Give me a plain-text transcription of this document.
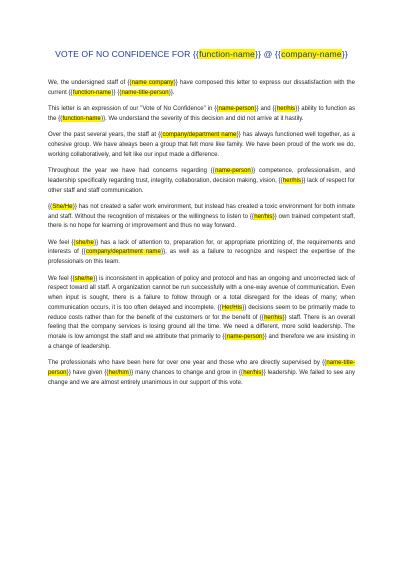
VOTE OF NO CONFIDENCE FOR {{function-name}} @ {{company-name}}

We, the undersigned staff of {{name company}} have composed this letter to express our dissatisfaction with the current {{function-name}} {{name-title-person}}.

This letter is an expression of our "Vote of No Confidence" in {{name-person}} and {{her/his}} ability to function as the {{function-name}}. We understand the severity of this decision and did not arrive at it hastily.

Over the past several years, the staff at {{company/department name}} has always functioned well together, as a cohesive group. We have always been a group that felt more like family. We have been proud of the work we do, working collaboratively, and felt like our input made a difference.

Throughout the year we have had concerns regarding {{name-person}} competence, professionalism, and leadership specifically regarding trust, integrity, collaboration, decision making, vision, {{her/his}} lack of respect for other staff and staff communication.

{{She/He}} has not created a safer work environment, but instead has created a toxic environment for both inmate and staff. Without the recognition of mistakes or the willingness to listen to {{her/his}} own trained competent staff, there is no hope for learning or improvement and thus no way forward.

We feel {{she/he}} has a lack of attention to, preparation for, or appropriate prioritizing of, the requirements and interests of {{company/department name}}, as well as a failure to recognize and respect the expertise of the professionals on this team.

We feel {{she/he}} is inconsistent in application of policy and protocol and has an ongoing and uncorrected lack of respect toward all staff. A organization cannot be run successfully with a one-way avenue of communication. Even when input is sought, there is a failure to follow through or a total disregard for the ideas of many; when communication occurs, it is too often delayed and incomplete. {{Her/His}} decisions seem to be primarily made to reduce costs rather than for the benefit of the customers or for the benefit of {{her/his}} staff. There is an overall feeling that the company services is losing ground all the time. We need a different, more solid leadership. The morale is low amongst the staff and we attribute that primarily to {{name-person}} and therefore we are insisting in a change of leadership.

The professionals who have been here for over one year and those who are directly supervised by {{name-title-person}} have given {{her/him}} many chances to change and grow in {{her/his}} leadership. We failed to see any change and we are almost entirely unanimous in our support of this vote.
